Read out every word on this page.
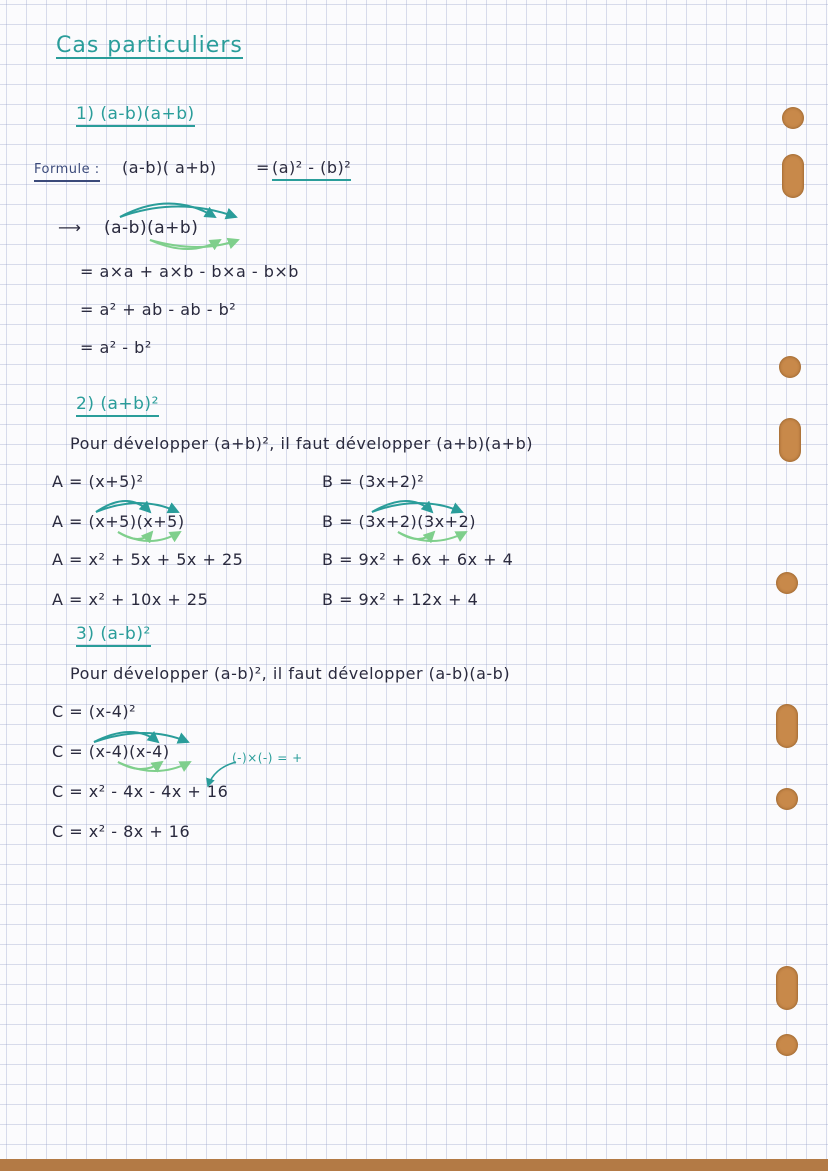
Cas particuliers
1) (a-b)(a+b)
Formule : (a-b)( a+b) = (a)² - (b)²
⟶ (a-b)(a+b)
= a×a + a×b - b×a - b×b
= a² + ab - ab - b²
= a² - b²
2) (a+b)²
Pour développer (a+b)², il faut développer (a+b)(a+b)
A = (x+5)²
A = (x+5)(x+5)
A = x² + 5x + 5x + 25
A = x² + 10x + 25
B = (3x+2)²
B = (3x+2)(3x+2)
B = 9x² + 6x + 6x + 4
B = 9x² + 12x + 4
3) (a-b)²
Pour développer (a-b)², il faut développer (a-b)(a-b)
C = (x-4)²
C = (x-4)(x-4)	(-)×(-) = +
C = x² - 4x - 4x + 16
C = x² - 8x + 16
